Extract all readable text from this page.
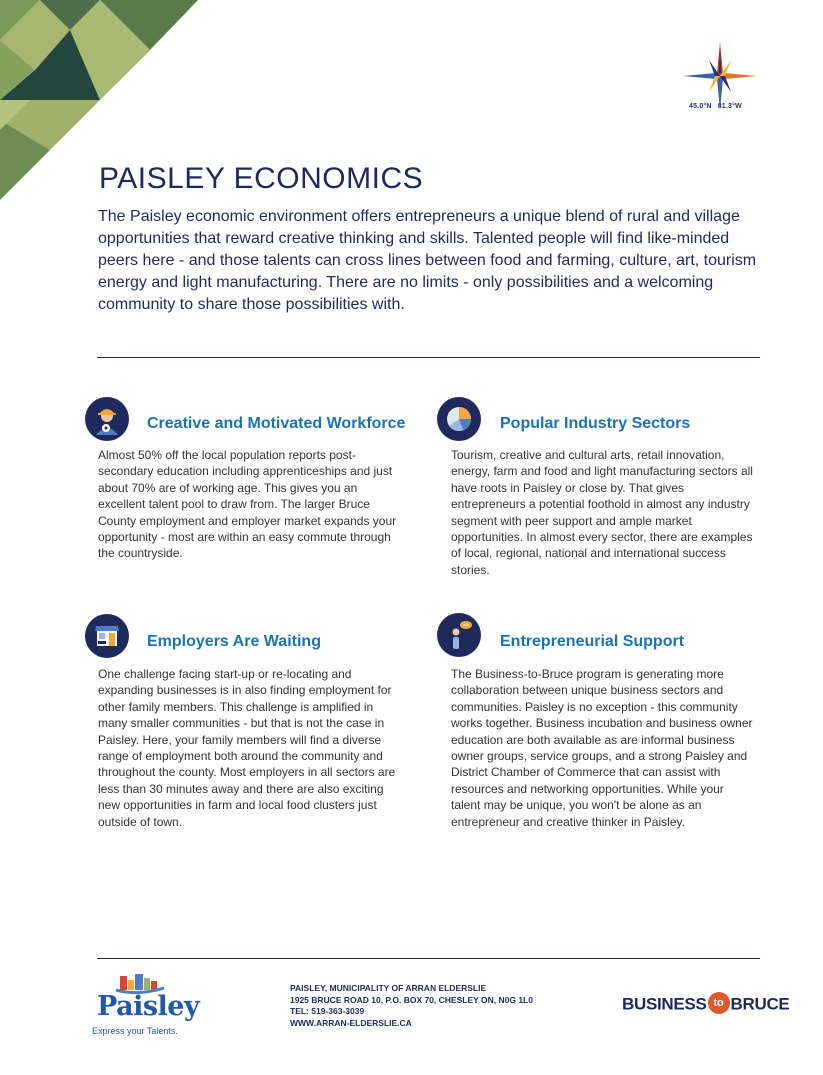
45.0°N 81.3°W
PAISLEY ECONOMICS

The Paisley economic environment offers entrepreneurs a unique blend of rural and village opportunities that reward creative thinking and skills. Talented people will find like-minded peers here - and those talents can cross lines between food and farming, culture, art, tourism energy and light manufacturing. There are no limits - only possibilities and a welcoming community to share those possibilities with.

Creative and Motivated Workforce

Almost 50% off the local population reports post-secondary education including apprenticeships and just about 70% are of working age. This gives you an excellent talent pool to draw from. The larger Bruce County employment and employer market expands your opportunity - most are within an easy commute through the countryside.

Popular Industry Sectors

Tourism, creative and cultural arts, retail innovation, energy, farm and food and light manufacturing sectors all have roots in Paisley or close by. That gives entrepreneurs a potential foothold in almost any industry segment with peer support and ample market opportunities. In almost every sector, there are examples of local, regional, national and international success stories.

Employers Are Waiting

One challenge facing start-up or re-locating and expanding businesses is in also finding employment for other family members. This challenge is amplified in many smaller communities - but that is not the case in Paisley. Here, your family members will find a diverse range of employment both around the community and throughout the county. Most employers in all sectors are less than 30 minutes away and there are also exciting new opportunities in farm and local food clusters just outside of town.

Entrepreneurial Support

The Business-to-Bruce program is generating more collaboration between unique business sectors and communities. Paisley is no exception - this community works together. Business incubation and business owner education are both available as are informal business owner groups, service groups, and a strong Paisley and District Chamber of Commerce that can assist with resources and networking opportunities. While your talent may be unique, you won't be alone as an entrepreneur and creative thinker in Paisley.

Paisley
Express your Talents.
PAISLEY, MUNICIPALITY OF ARRAN ELDERSLIE
1925 BRUCE ROAD 10, P.O. BOX 70, CHESLEY ON, N0G 1L0
TEL: 519-363-3039
WWW.ARRAN-ELDERSLIE.CA
BUSINESS to BRUCE
